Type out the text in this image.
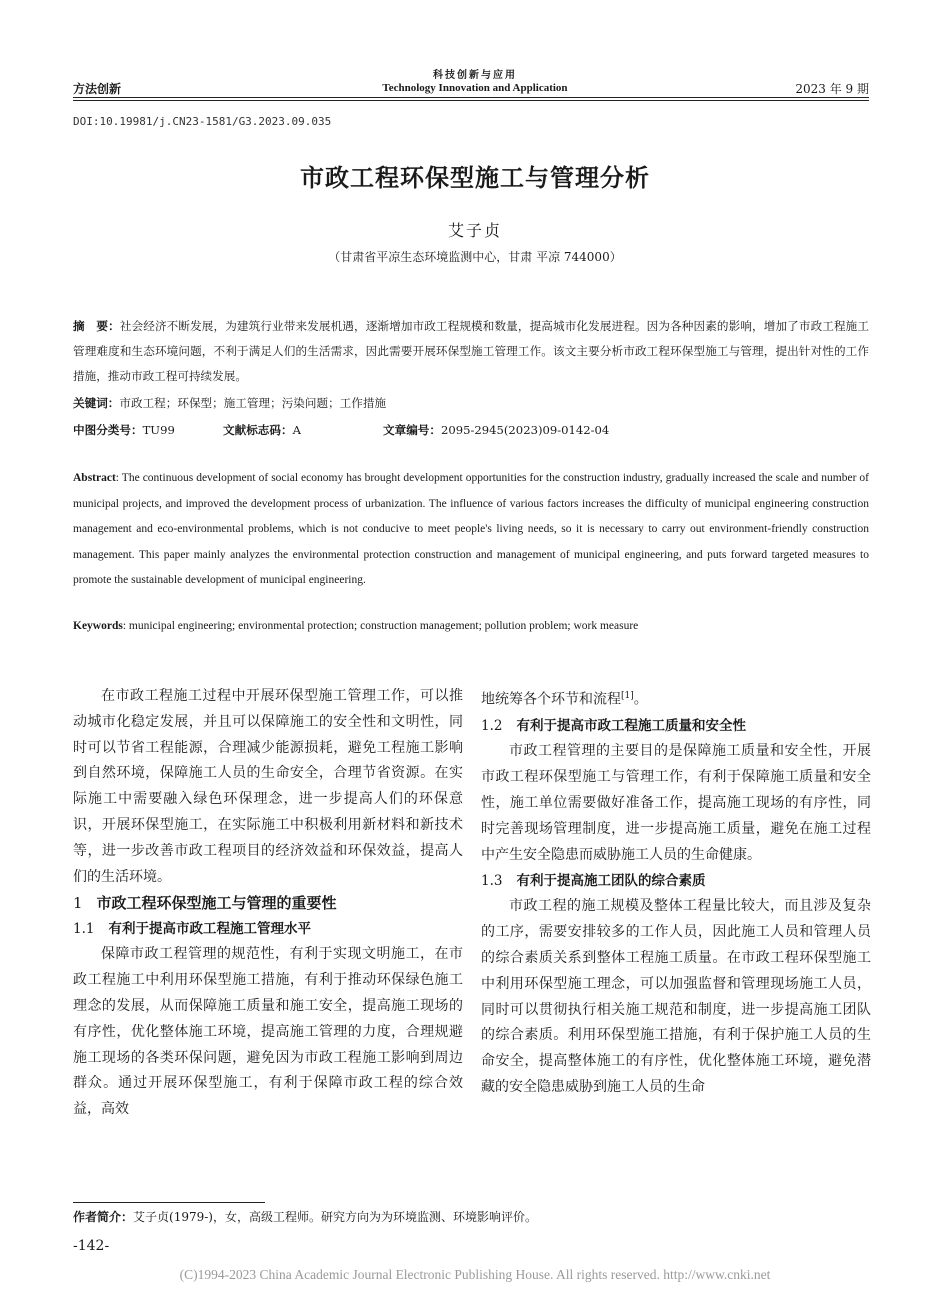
方法创新
科技创新与应用
Technology Innovation and Application	2023 年 9 期
DOI:10.19981/j.CN23-1581/G3.2023.09.035
市政工程环保型施工与管理分析
艾子贞
（甘肃省平凉生态环境监测中心，甘肃 平凉 744000）
摘　要：社会经济不断发展，为建筑行业带来发展机遇，逐渐增加市政工程规模和数量，提高城市化发展进程。因为各种因素的影响，增加了市政工程施工管理难度和生态环境问题，不利于满足人们的生活需求，因此需要开展环保型施工管理工作。该文主要分析市政工程环保型施工与管理，提出针对性的工作措施，推动市政工程可持续发展。
关键词：市政工程；环保型；施工管理；污染问题；工作措施
中图分类号：TU99	文献标志码：A	文章编号：2095-2945(2023)09-0142-04
Abstract: The continuous development of social economy has brought development opportunities for the construction industry, gradually increased the scale and number of municipal projects, and improved the development process of urbanization. The influence of various factors increases the difficulty of municipal engineering construction management and eco-environmental problems, which is not conducive to meet people's living needs, so it is necessary to carry out environment-friendly construction management. This paper mainly analyzes the environmental protection construction and management of municipal engineering, and puts forward targeted measures to promote the sustainable development of municipal engineering.
Keywords: municipal engineering; environmental protection; construction management; pollution problem; work measure

在市政工程施工过程中开展环保型施工管理工作，可以推动城市化稳定发展，并且可以保障施工的安全性和文明性，同时可以节省工程能源，合理减少能源损耗，避免工程施工影响到自然环境，保障施工人员的生命安全，合理节省资源。在实际施工中需要融入绿色环保理念，进一步提高人们的环保意识，开展环保型施工，在实际施工中积极利用新材料和新技术等，进一步改善市政工程项目的经济效益和环保效益，提高人们的生活环境。

1 市政工程环保型施工与管理的重要性
1.1 有利于提高市政工程施工管理水平

保障市政工程管理的规范性，有利于实现文明施工，在市政工程施工中利用环保型施工措施，有利于推动环保绿色施工理念的发展，从而保障施工质量和施工安全，提高施工现场的有序性，优化整体施工环境，提高施工管理的力度，合理规避施工现场的各类环保问题，避免因为市政工程施工影响到周边群众。通过开展环保型施工，有利于保障市政工程的综合效益，高效

地统筹各个环节和流程[1]。

1.2 有利于提高市政工程施工质量和安全性

市政工程管理的主要目的是保障施工质量和安全性，开展市政工程环保型施工与管理工作，有利于保障施工质量和安全性，施工单位需要做好准备工作，提高施工现场的有序性，同时完善现场管理制度，进一步提高施工质量，避免在施工过程中产生安全隐患而威胁施工人员的生命健康。

1.3 有利于提高施工团队的综合素质

市政工程的施工规模及整体工程量比较大，而且涉及复杂的工序，需要安排较多的工作人员，因此施工人员和管理人员的综合素质关系到整体工程施工质量。在市政工程环保型施工中利用环保型施工理念，可以加强监督和管理现场施工人员，同时可以贯彻执行相关施工规范和制度，进一步提高施工团队的综合素质。利用环保型施工措施，有利于保护施工人员的生命安全，提高整体施工的有序性，优化整体施工环境，避免潜藏的安全隐患威胁到施工人员的生命

作者简介：艾子贞(1979-)，女，高级工程师。研究方向为为环境监测、环境影响评价。
-142-
(C)1994-2023 China Academic Journal Electronic Publishing House. All rights reserved. http://www.cnki.net
